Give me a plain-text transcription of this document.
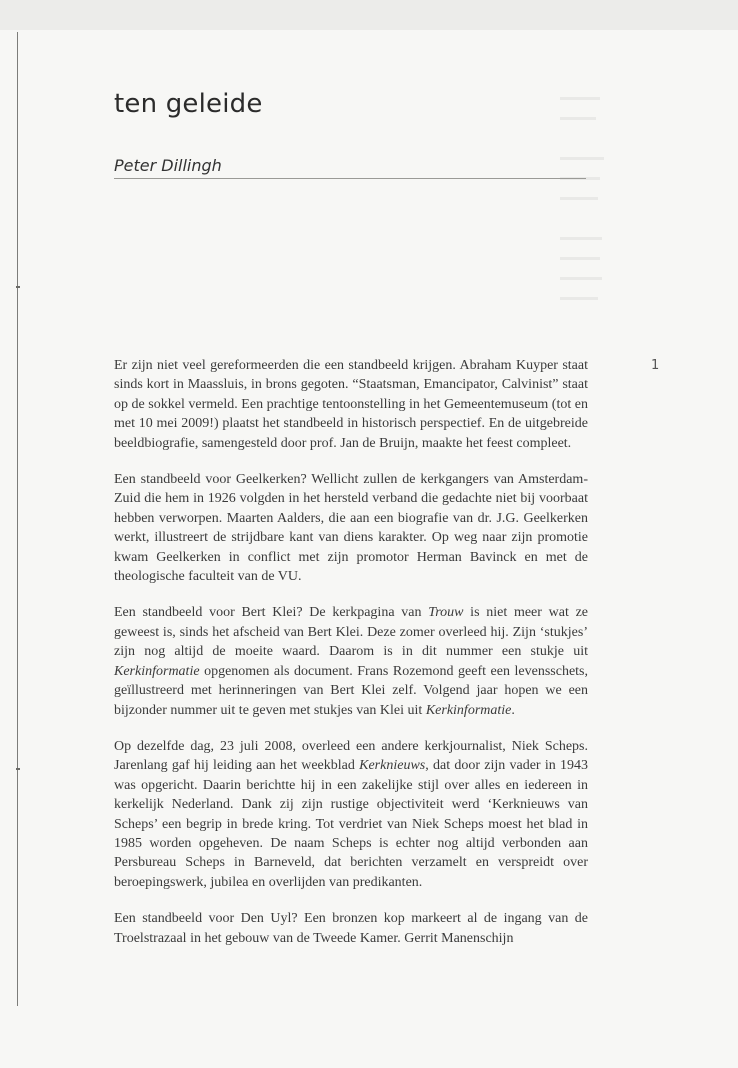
ten geleide
Peter Dillingh
1

Er zijn niet veel gereformeerden die een standbeeld krijgen. Abraham Kuyper staat sinds kort in Maassluis, in brons gegoten. “Staatsman, Emancipator, Calvinist” staat op de sokkel vermeld. Een prachtige tentoonstelling in het Gemeentemuseum (tot en met 10 mei 2009!) plaatst het standbeeld in historisch perspectief. En de uitgebreide beeldbiografie, samengesteld door prof. Jan de Bruijn, maakte het feest compleet.

Een standbeeld voor Geelkerken? Wellicht zullen de kerkgangers van Amsterdam-Zuid die hem in 1926 volgden in het hersteld verband die gedachte niet bij voorbaat hebben verworpen. Maarten Aalders, die aan een biografie van dr. J.G. Geelkerken werkt, illustreert de strijdbare kant van diens karakter. Op weg naar zijn promotie kwam Geelkerken in conflict met zijn promotor Herman Bavinck en met de theologische faculteit van de VU.

Een standbeeld voor Bert Klei? De kerkpagina van Trouw is niet meer wat ze geweest is, sinds het afscheid van Bert Klei. Deze zomer overleed hij. Zijn ‘stukjes’ zijn nog altijd de moeite waard. Daarom is in dit nummer een stukje uit Kerkinformatie opgenomen als document. Frans Rozemond geeft een levensschets, geïllustreerd met herinneringen van Bert Klei zelf. Volgend jaar hopen we een bijzonder nummer uit te geven met stukjes van Klei uit Kerkinformatie.

Op dezelfde dag, 23 juli 2008, overleed een andere kerkjournalist, Niek Scheps. Jarenlang gaf hij leiding aan het weekblad Kerknieuws, dat door zijn vader in 1943 was opgericht. Daarin berichtte hij in een zakelijke stijl over alles en iedereen in kerkelijk Nederland. Dank zij zijn rustige objectiviteit werd ‘Kerknieuws van Scheps’ een begrip in brede kring. Tot verdriet van Niek Scheps moest het blad in 1985 worden opgeheven. De naam Scheps is echter nog altijd verbonden aan Persbureau Scheps in Barneveld, dat berichten verzamelt en verspreidt over beroepingswerk, jubilea en overlijden van predikanten.

Een standbeeld voor Den Uyl? Een bronzen kop markeert al de ingang van de Troelstrazaal in het gebouw van de Tweede Kamer. Gerrit Manenschijn
